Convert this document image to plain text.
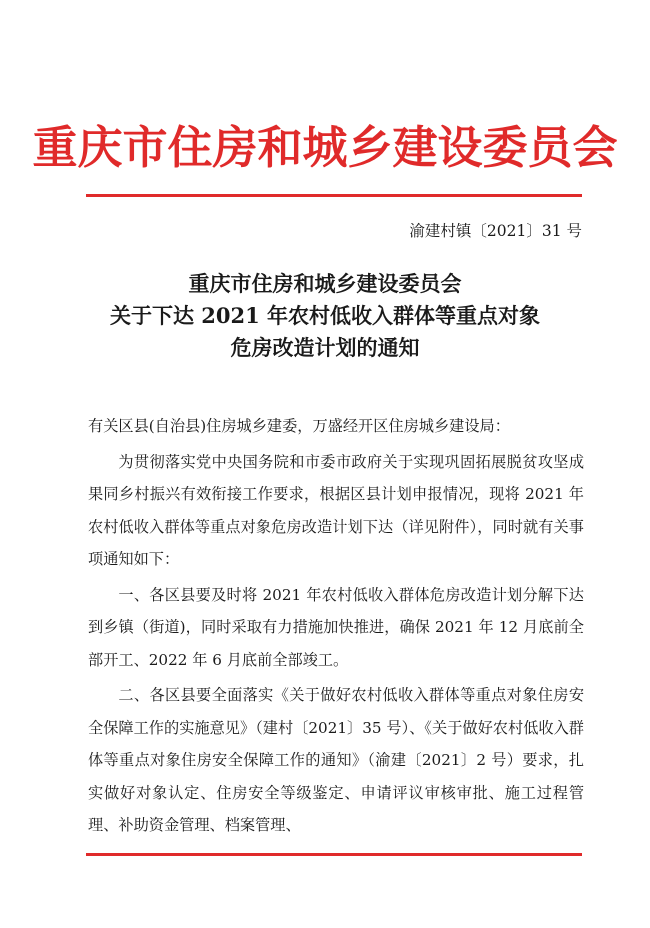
重庆市住房和城乡建设委员会
渝建村镇〔2021〕31 号
重庆市住房和城乡建设委员会
关于下达 2021 年农村低收入群体等重点对象
危房改造计划的通知

有关区县(自治县)住房城乡建委，万盛经开区住房城乡建设局：

为贯彻落实党中央国务院和市委市政府关于实现巩固拓展脱贫攻坚成果同乡村振兴有效衔接工作要求，根据区县计划申报情况，现将 2021 年农村低收入群体等重点对象危房改造计划下达（详见附件），同时就有关事项通知如下：

一、各区县要及时将 2021 年农村低收入群体危房改造计划分解下达到乡镇（街道)，同时采取有力措施加快推进，确保 2021 年 12 月底前全部开工、2022 年 6 月底前全部竣工。

二、各区县要全面落实《关于做好农村低收入群体等重点对象住房安全保障工作的实施意见》（建村〔2021〕35 号）、《关于做好农村低收入群体等重点对象住房安全保障工作的通知》（渝建〔2021〕2 号）要求，扎实做好对象认定、住房安全等级鉴定、申请评议审核审批、施工过程管理、补助资金管理、档案管理、
